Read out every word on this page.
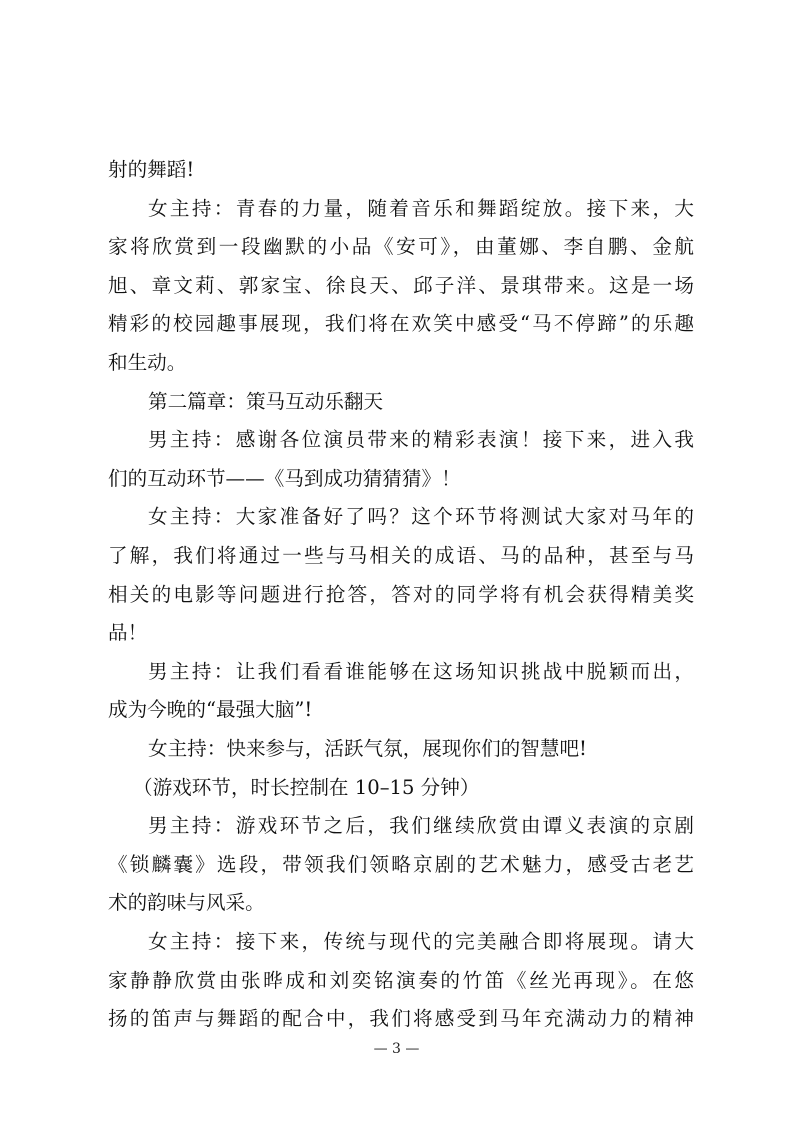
射的舞蹈!
女主持：青春的力量，随着音乐和舞蹈绽放。接下来，大
家将欣赏到一段幽默的小品《安可》，由董娜、李自鹏、金航
旭、章文莉、郭家宝、徐良天、邱子洋、景琪带来。这是一场
精彩的校园趣事展现，我们将在欢笑中感受“马不停蹄”的乐趣
和生动。
第二篇章：策马互动乐翻天
男主持：感谢各位演员带来的精彩表演！接下来，进入我
们的互动环节——《马到成功猜猜猜》！
女主持：大家准备好了吗？这个环节将测试大家对马年的
了解，我们将通过一些与马相关的成语、马的品种，甚至与马
相关的电影等问题进行抢答，答对的同学将有机会获得精美奖
品！
男主持：让我们看看谁能够在这场知识挑战中脱颖而出，
成为今晚的“最强大脑”!
女主持：快来参与，活跃气氛，展现你们的智慧吧!
（游戏环节，时长控制在 10–15 分钟）
男主持：游戏环节之后，我们继续欣赏由谭义表演的京剧
《锁麟囊》选段，带领我们领略京剧的艺术魅力，感受古老艺
术的韵味与风采。
女主持：接下来，传统与现代的完美融合即将展现。请大
家静静欣赏由张晔成和刘奕铭演奏的竹笛《丝光再现》。在悠
扬的笛声与舞蹈的配合中，我们将感受到马年充满动力的精神
— 3 —
